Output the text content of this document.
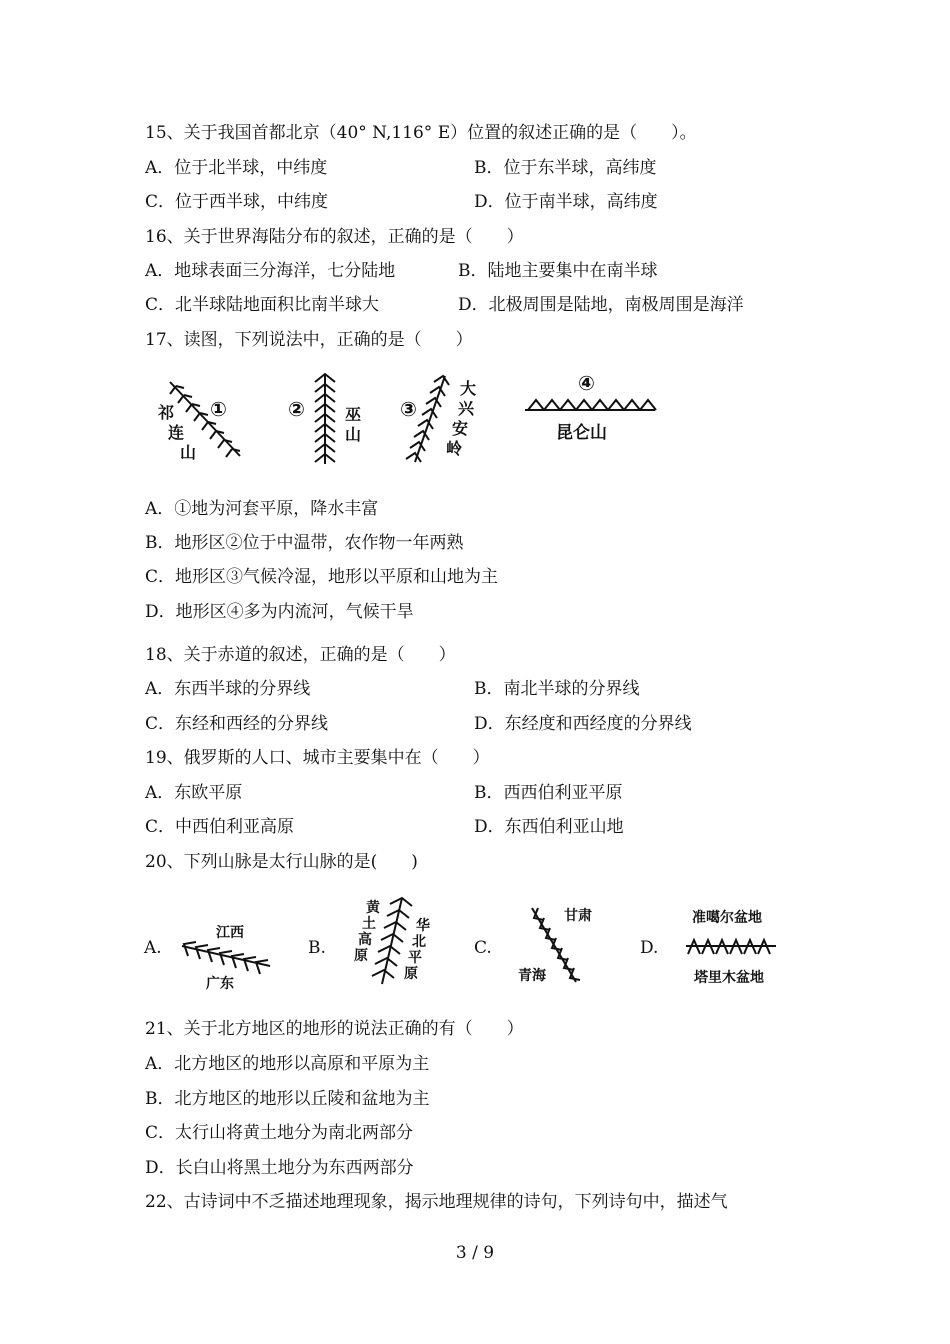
15、关于我国首都北京（40° N,116° E）位置的叙述正确的是（　　）。
A．位于北半球，中纬度	B．位于东半球，高纬度
C．位于西半球，中纬度	D．位于南半球，高纬度
16、关于世界海陆分布的叙述，正确的是（　　）
A．地球表面三分海洋，七分陆地	B．陆地主要集中在南半球
C．北半球陆地面积比南半球大	D．北极周围是陆地，南极周围是海洋
17、读图，下列说法中，正确的是（　　）
①
祁
连
山
②	巫
山
③
大
兴
安
岭
④
昆仑山
A．①地为河套平原，降水丰富
B．地形区②位于中温带，农作物一年两熟
C．地形区③气候冷湿，地形以平原和山地为主
D．地形区④多为内流河，气候干旱
18、关于赤道的叙述，正确的是（　　）
A．东西半球的分界线	B．南北半球的分界线
C．东经和西经的分界线	D．东经度和西经度的分界线
19、俄罗斯的人口、城市主要集中在（　　）
A．东欧平原	B．西西伯利亚平原
C．中西伯利亚高原	D．东西伯利亚山地
20、下列山脉是太行山脉的是(　　)
A.
江西
广东
B.
黄
土
高
原
华
北
平
原
C.
甘肃
青海
D.
准噶尔盆地
塔里木盆地
21、关于北方地区的地形的说法正确的有（　　）
A．北方地区的地形以高原和平原为主
B．北方地区的地形以丘陵和盆地为主
C．太行山将黄土地分为南北两部分
D．长白山将黑土地分为东西两部分
22、古诗词中不乏描述地理现象，揭示地理规律的诗句，下列诗句中，描述气
3 / 9
